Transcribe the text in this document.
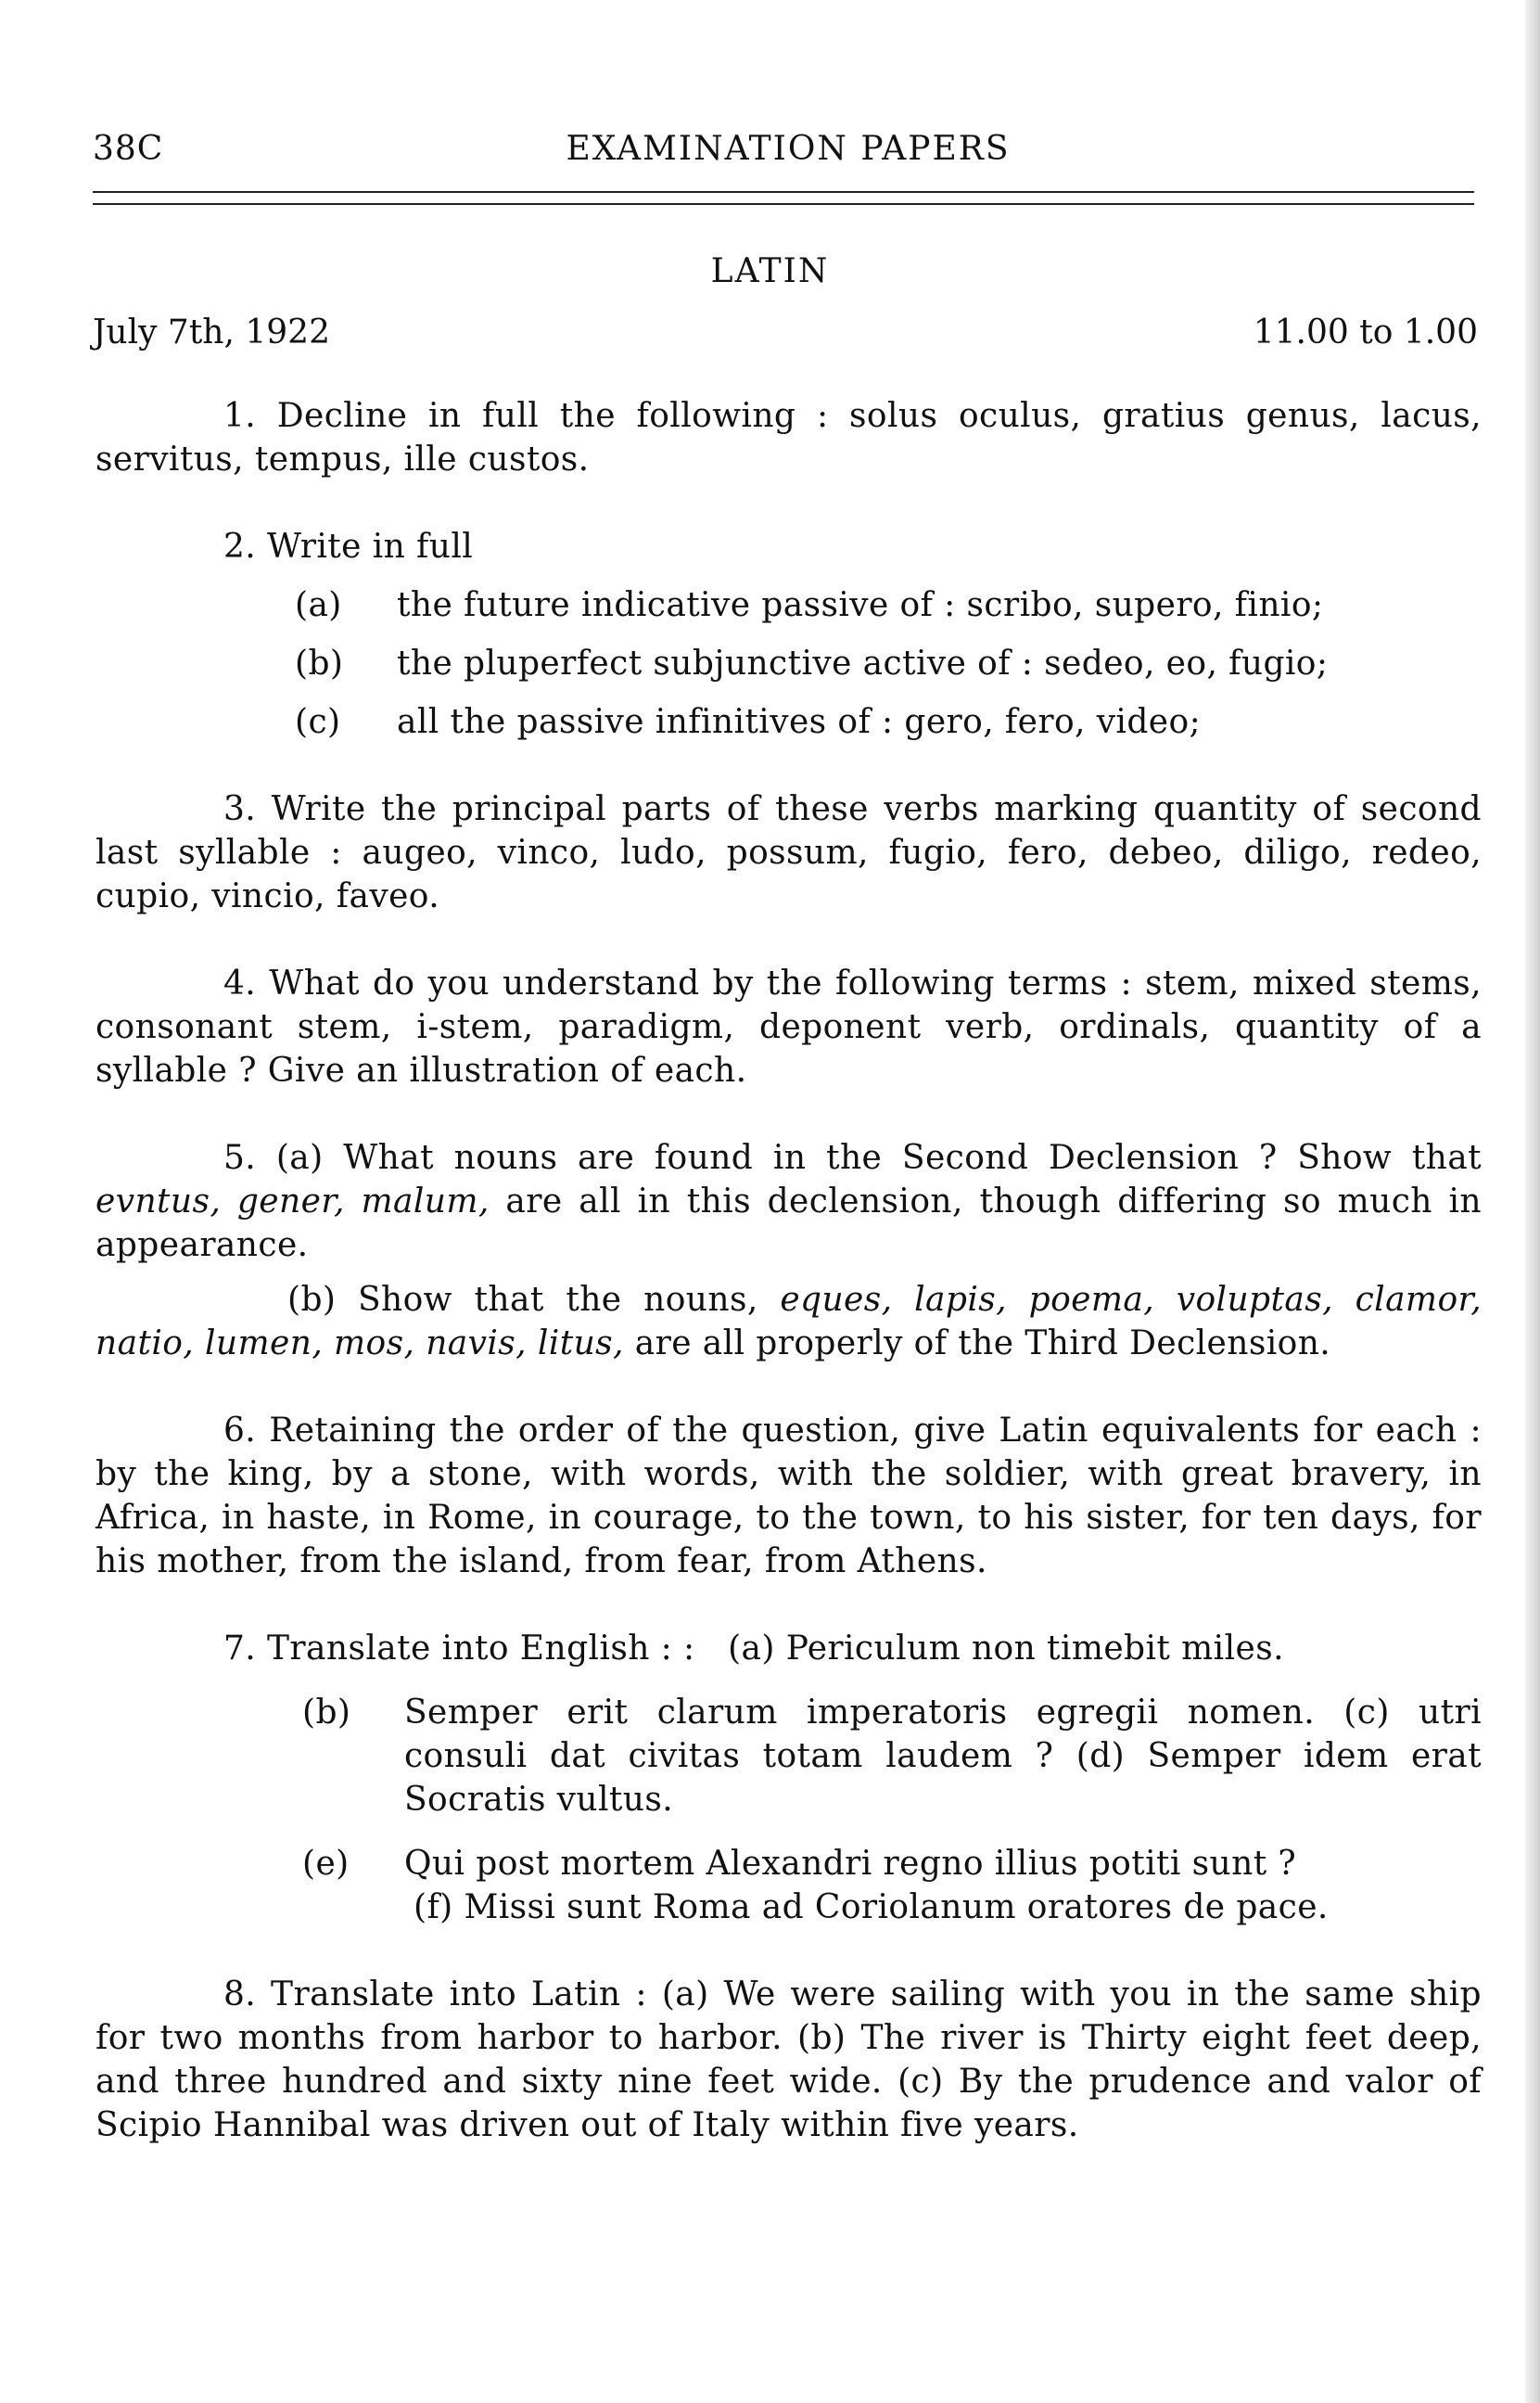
38C	EXAMINATION PAPERS
LATIN
July 7th, 1922	11.00 to 1.00

1. Decline in full the following : solus oculus, gratius genus, lacus, servitus, tempus, ille custos.

2. Write in full

(a)	the future indicative passive of : scribo, supero, finio;
(b)	the pluperfect subjunctive active of : sedeo, eo, fugio;
(c)	all the passive infinitives of : gero, fero, video;

3. Write the principal parts of these verbs marking quantity of second last syllable : augeo, vinco, ludo, possum, fugio, fero, debeo, diligo, redeo, cupio, vincio, faveo.

4. What do you understand by the following terms : stem, mixed stems, consonant stem, i-stem, paradigm, deponent verb, ordinals, quantity of a syllable ? Give an illustration of each.

5. (a) What nouns are found in the Second Declension ? Show that evntus, gener, malum, are all in this declension, though differing so much in appearance.

(b) Show that the nouns, eques, lapis, poema, voluptas, clamor, natio, lumen, mos, navis, litus, are all properly of the Third Declension.

6. Retaining the order of the question, give Latin equivalents for each : by the king, by a stone, with words, with the soldier, with great bravery, in Africa, in haste, in Rome, in courage, to the town, to his sister, for ten days, for his mother, from the island, from fear, from Athens.

7. Translate into English : : (a) Periculum non timebit miles.

(b)	Semper erit clarum imperatoris egregii nomen. (c) utri consuli dat civitas totam laudem ? (d) Semper idem erat Socratis vultus.
(e)	Qui post mortem Alexandri regno illius potiti sunt ?
(f) Missi sunt Roma ad Coriolanum oratores de pace.

8. Translate into Latin : (a) We were sailing with you in the same ship for two months from harbor to harbor. (b) The river is Thirty eight feet deep, and three hundred and sixty nine feet wide. (c) By the prudence and valor of Scipio Hannibal was driven out of Italy within five years.
